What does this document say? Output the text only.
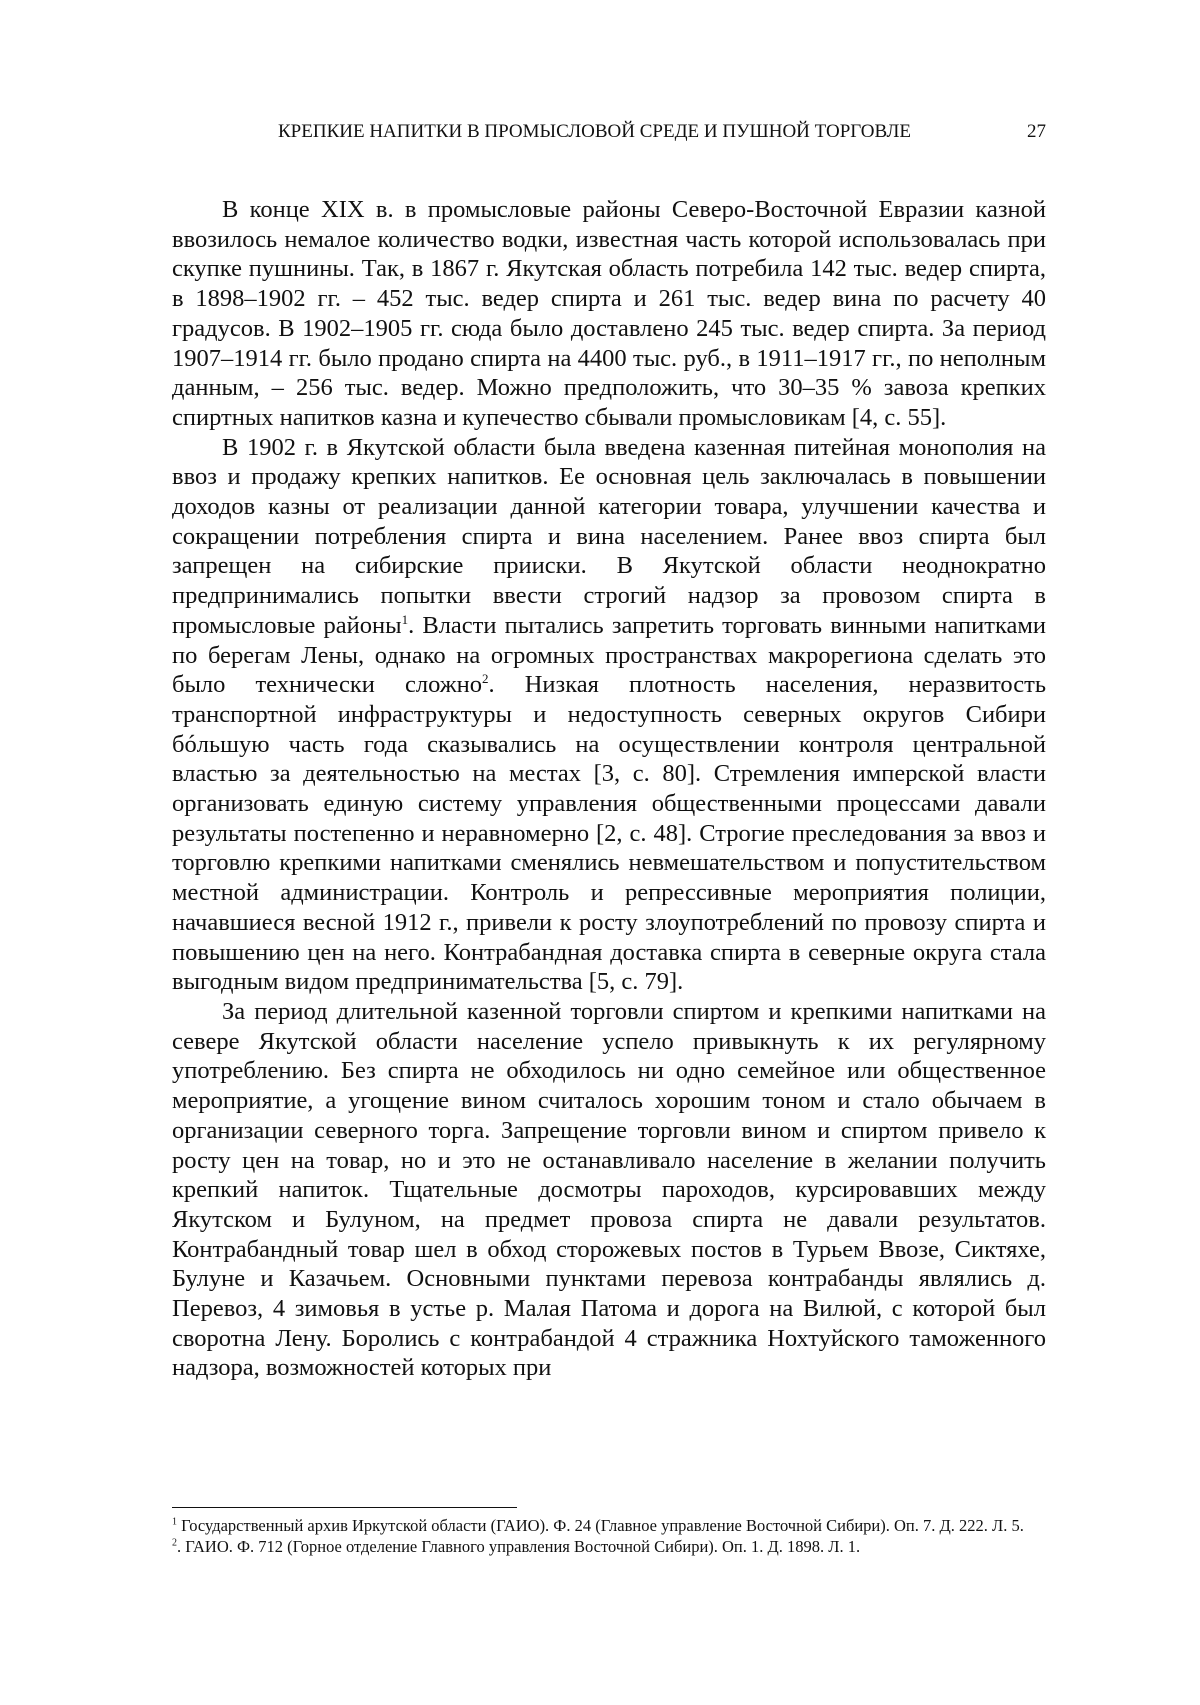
КРЕПКИЕ НАПИТКИ В ПРОМЫСЛОВОЙ СРЕДЕ И ПУШНОЙ ТОРГОВЛЕ	27

В конце XIX в. в промысловые районы Северо-Восточной Евразии казной ввозилось немалое количество водки, известная часть которой использовалась при скупке пушнины. Так, в 1867 г. Якутская область потребила 142 тыс. ведер спирта, в 1898–1902 гг. – 452 тыс. ведер спирта и 261 тыс. ведер вина по расчету 40 градусов. В 1902–1905 гг. сюда было доставлено 245 тыс. ведер спирта. За период 1907–1914 гг. было продано спирта на 4400 тыс. руб., в 1911–1917 гг., по неполным данным, – 256 тыс. ведер. Можно предположить, что 30–35 % завоза крепких спиртных напитков казна и купечество сбывали промысловикам [4, с. 55].

В 1902 г. в Якутской области была введена казенная питейная монополия на ввоз и продажу крепких напитков. Ее основная цель заключалась в повышении доходов казны от реализации данной категории товара, улучшении качества и сокращении потребления спирта и вина населением. Ранее ввоз спирта был запрещен на сибирские прииски. В Якутской области неоднократно предпринимались попытки ввести строгий надзор за провозом спирта в промысловые районы1. Власти пытались запретить торговать винными напитками по берегам Лены, однако на огромных пространствах макрорегиона сделать это было технически сложно2. Низкая плотность населения, неразвитость транспортной инфраструктуры и недоступность северных округов Сибири бóльшую часть года сказывались на осуществлении контроля центральной властью за деятельностью на местах [3, с. 80]. Стремления имперской власти организовать единую систему управления общественными процессами давали результаты постепенно и неравномерно [2, с. 48]. Строгие преследования за ввоз и торговлю крепкими напитками сменялись невмешательством и попустительством местной администрации. Контроль и репрессивные мероприятия полиции, начавшиеся весной 1912 г., привели к росту злоупотреблений по провозу спирта и повышению цен на него. Контрабандная доставка спирта в северные округа стала выгодным видом предпринимательства [5, с. 79].

За период длительной казенной торговли спиртом и крепкими напитками на севере Якутской области население успело привыкнуть к их регулярному употреблению. Без спирта не обходилось ни одно семейное или общественное мероприятие, а угощение вином считалось хорошим тоном и стало обычаем в организации северного торга. Запрещение торговли вином и спиртом привело к росту цен на товар, но и это не останавливало население в желании получить крепкий напиток. Тщательные досмотры пароходов, курсировавших между Якутском и Булуном, на предмет провоза спирта не давали результатов. Контрабандный товар шел в обход сторожевых постов в Турьем Ввозе, Сиктяхе, Булуне и Казачьем. Основными пунктами перевоза контрабанды являлись д. Перевоз, 4 зимовья в устье р. Малая Патома и дорога на Вилюй, с которой был своротна Лену. Боролись с контрабандой 4 стражника Нохтуйского таможенного надзора, возможностей которых при

1 Государственный архив Иркутской области (ГАИО). Ф. 24 (Главное управление Восточной Сибири). Оп. 7. Д. 222. Л. 5.

2. ГАИО. Ф. 712 (Горное отделение Главного управления Восточной Сибири). Оп. 1. Д. 1898. Л. 1.
